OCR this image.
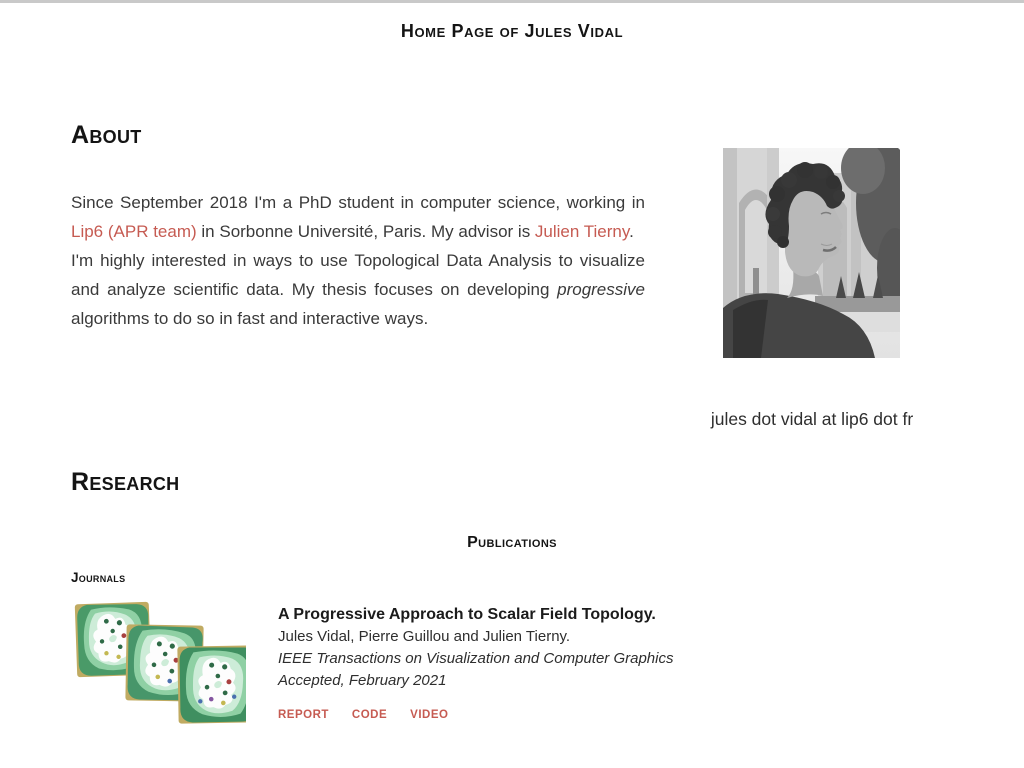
Home Page of Jules Vidal
About
Since September 2018 I'm a PhD student in computer science, working in Lip6 (APR team) in Sorbonne Université, Paris. My advisor is Julien Tierny.
I'm highly interested in ways to use Topological Data Analysis to visualize and analyze scientific data. My thesis focuses on developing progressive algorithms to do so in fast and interactive ways.
jules dot vidal at lip6 dot fr
Research
Publications
Journals
A Progressive Approach to Scalar Field Topology.
Jules Vidal, Pierre Guillou and Julien Tierny.
IEEE Transactions on Visualization and Computer Graphics
Accepted, February 2021
REPORT CODE VIDEO
